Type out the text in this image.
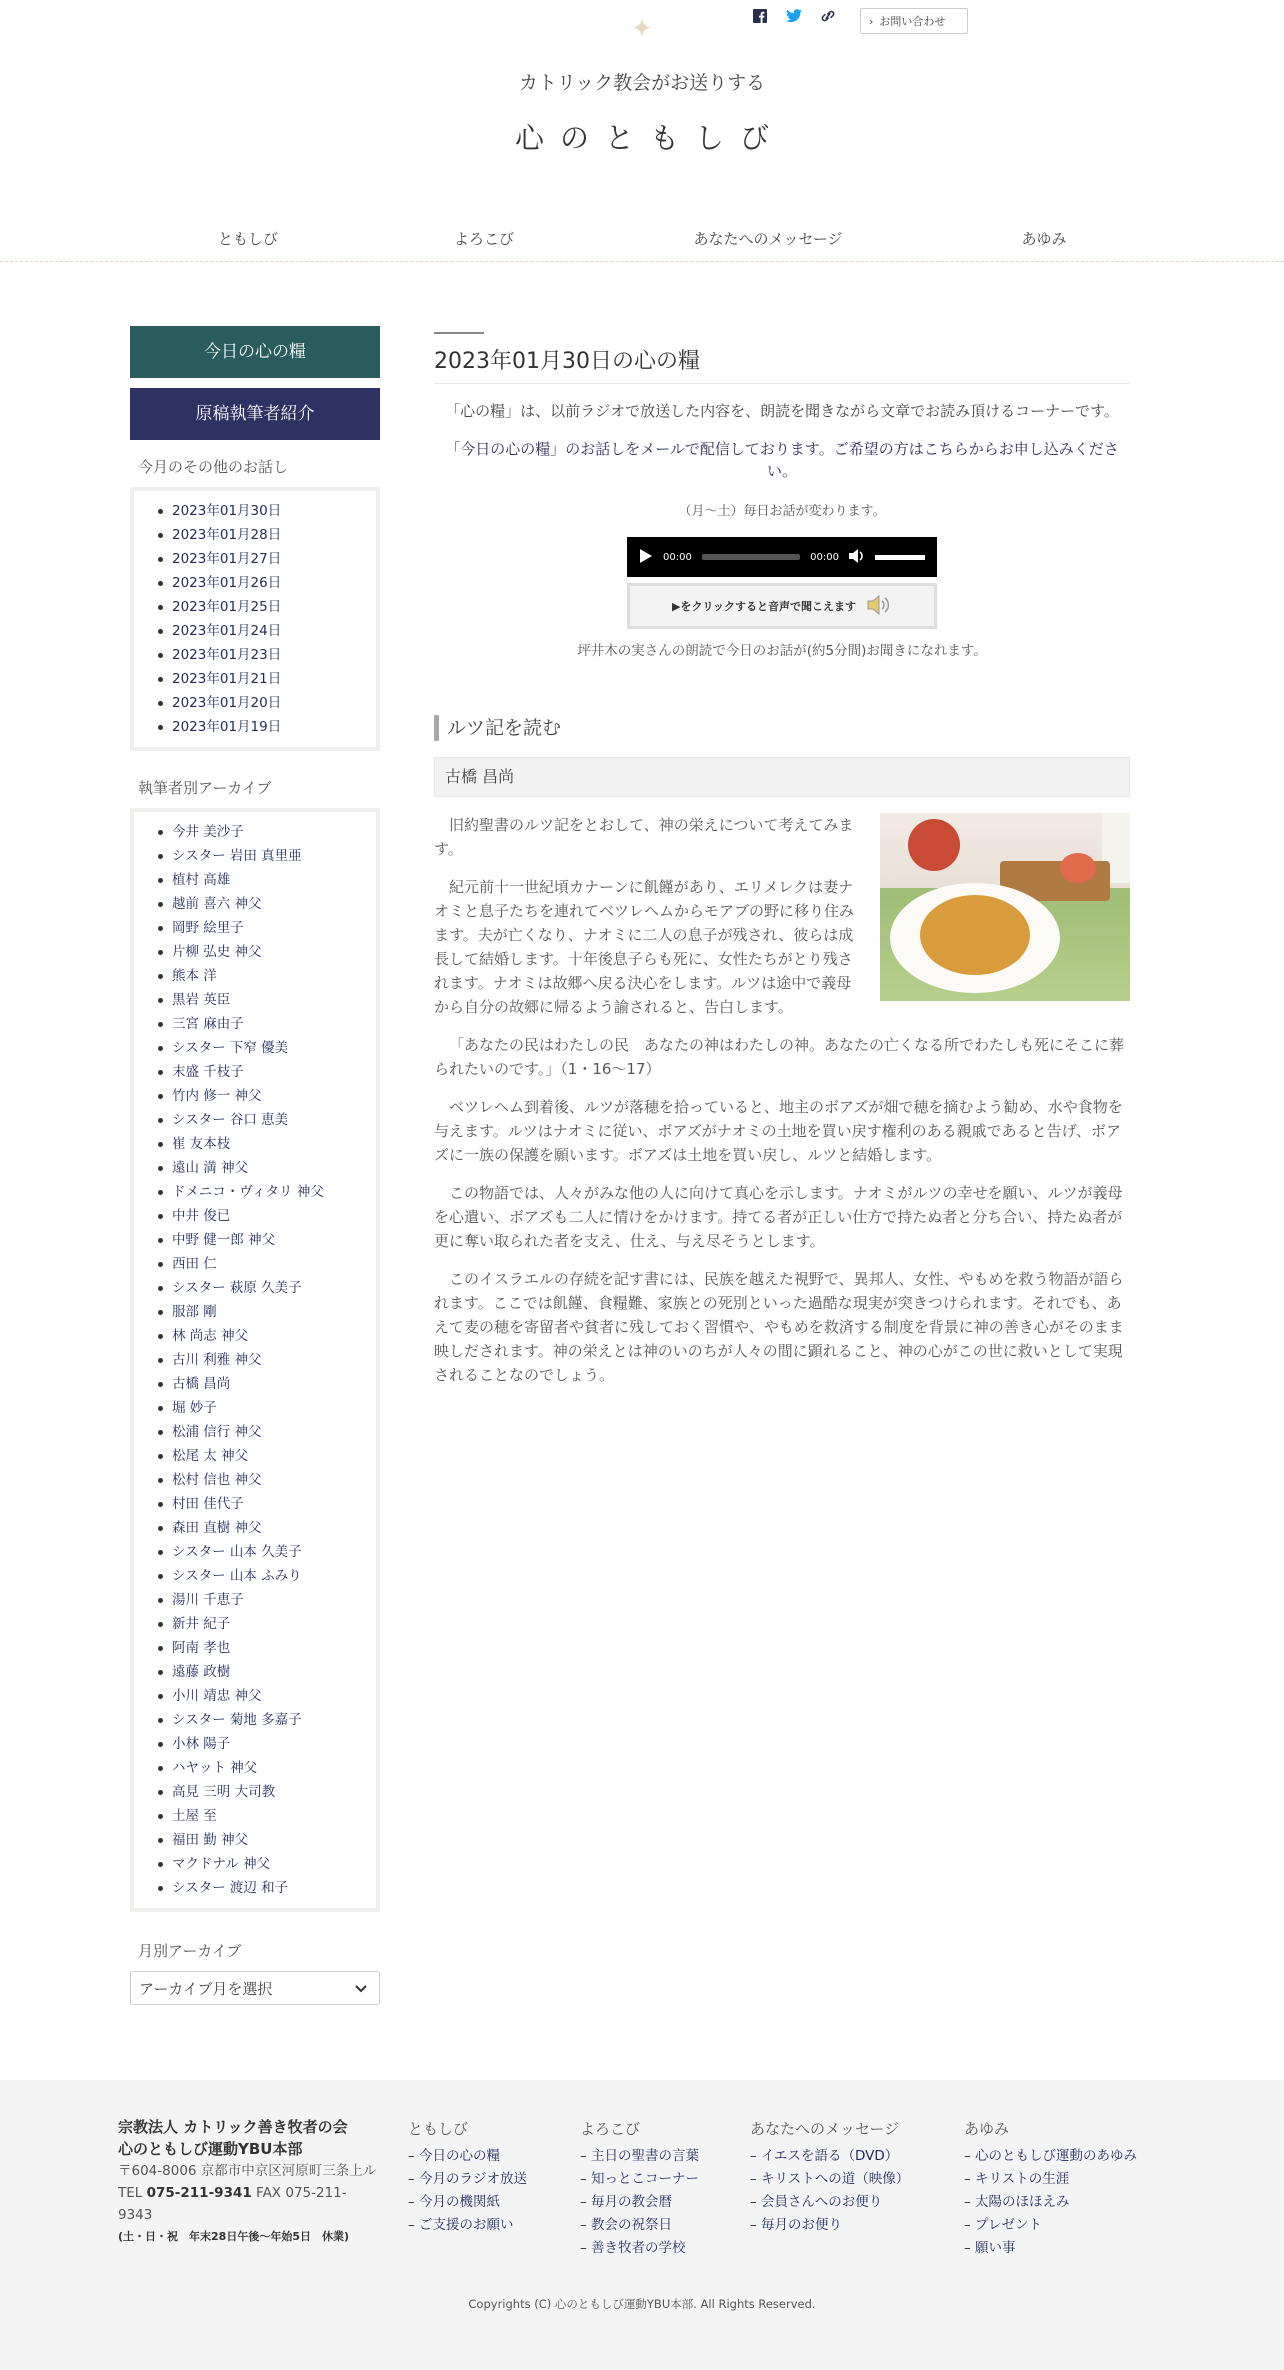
✦	› お問い合わせ
カトリック教会がお送りする
心のともしび
ともしび	よろこび	あなたへのメッセージ	あゆみ
今日の心の糧
原稿執筆者紹介
今月のその他のお話し
2023年01月30日
2023年01月28日
2023年01月27日
2023年01月26日
2023年01月25日
2023年01月24日
2023年01月23日
2023年01月21日
2023年01月20日
2023年01月19日
執筆者別アーカイブ
今井 美沙子
シスター 岩田 真里亜
植村 高雄
越前 喜六 神父
岡野 絵里子
片柳 弘史 神父
熊本 洋
黒岩 英臣
三宮 麻由子
シスター 下窄 優美
末盛 千枝子
竹内 修一 神父
シスター 谷口 恵美
崔 友本枝
遠山 満 神父
ドメニコ・ヴィタリ 神父
中井 俊已
中野 健一郎 神父
西田 仁
シスター 萩原 久美子
服部 剛
林 尚志 神父
古川 利雅 神父
古橋 昌尚
堀 妙子
松浦 信行 神父
松尾 太 神父
松村 信也 神父
村田 佳代子
森田 直樹 神父
シスター 山本 久美子
シスター 山本 ふみり
湯川 千恵子
新井 紀子
阿南 孝也
遠藤 政樹
小川 靖忠 神父
シスター 菊地 多嘉子
小林 陽子
ハヤット 神父
高見 三明 大司教
土屋 至
福田 勤 神父
マクドナル 神父
シスター 渡辺 和子
月別アーカイブ
アーカイブ月を選択
2023年01月30日の心の糧

「心の糧」は、以前ラジオで放送した内容を、朗読を聞きながら文章でお読み頂けるコーナーです。

「今日の心の糧」のお話しをメールで配信しております。ご希望の方はこちらからお申し込みください。

（月～土）毎日お話が変わります。

00:00	00:00
▶をクリックすると音声で聞こえます

坪井木の実さんの朗読で今日のお話が(約5分間)お聞きになれます。

ルツ記を読む
古橋 昌尚

旧約聖書のルツ記をとおして、神の栄えについて考えてみます。

紀元前十一世紀頃カナーンに飢饉があり、エリメレクは妻ナオミと息子たちを連れてベツレヘムからモアブの野に移り住みます。夫が亡くなり、ナオミに二人の息子が残され、彼らは成長して結婚します。十年後息子らも死に、女性たちがとり残されます。ナオミは故郷へ戻る決心をします。ルツは途中で義母から自分の故郷に帰るよう諭されると、告白します。

「あなたの民はわたしの民　あなたの神はわたしの神。あなたの亡くなる所でわたしも死にそこに葬られたいのです。」（1・16～17）

ベツレヘム到着後、ルツが落穂を拾っていると、地主のボアズが畑で穂を摘むよう勧め、水や食物を与えます。ルツはナオミに従い、ボアズがナオミの土地を買い戻す権利のある親戚であると告げ、ボアズに一族の保護を願います。ボアズは土地を買い戻し、ルツと結婚します。

この物語では、人々がみな他の人に向けて真心を示します。ナオミがルツの幸せを願い、ルツが義母を心遣い、ボアズも二人に情けをかけます。持てる者が正しい仕方で持たぬ者と分ち合い、持たぬ者が更に奪い取られた者を支え、仕え、与え尽そうとします。

このイスラエルの存続を記す書には、民族を越えた視野で、異邦人、女性、やもめを救う物語が語られます。ここでは飢饉、食糧難、家族との死別といった過酷な現実が突きつけられます。それでも、あえて麦の穂を寄留者や貧者に残しておく習慣や、やもめを救済する制度を背景に神の善き心がそのまま映しだされます。神の栄えとは神のいのちが人々の間に顕れること、神の心がこの世に救いとして実現されることなのでしょう。

宗教法人 カトリック善き牧者の会
心のともしび運動YBU本部
〒604-8006 京都市中京区河原町三条上ル
TEL 075-211-9341 FAX 075-211-9343
(土・日・祝　年末28日午後〜年始5日　休業)
ともしび
– 今日の心の糧
– 今月のラジオ放送
– 今月の機関紙
– ご支援のお願い
よろこび
– 主日の聖書の言葉
– 知っとこコーナー
– 毎月の教会暦
– 教会の祝祭日
– 善き牧者の学校
あなたへのメッセージ
– イエスを語る（DVD）
– キリストへの道（映像）
– 会員さんへのお便り
– 毎月のお便り
あゆみ
– 心のともしび運動のあゆみ
– キリストの生涯
– 太陽のほほえみ
– プレゼント
– 願い事
Copyrights (C) 心のともしび運動YBU本部. All Rights Reserved.
